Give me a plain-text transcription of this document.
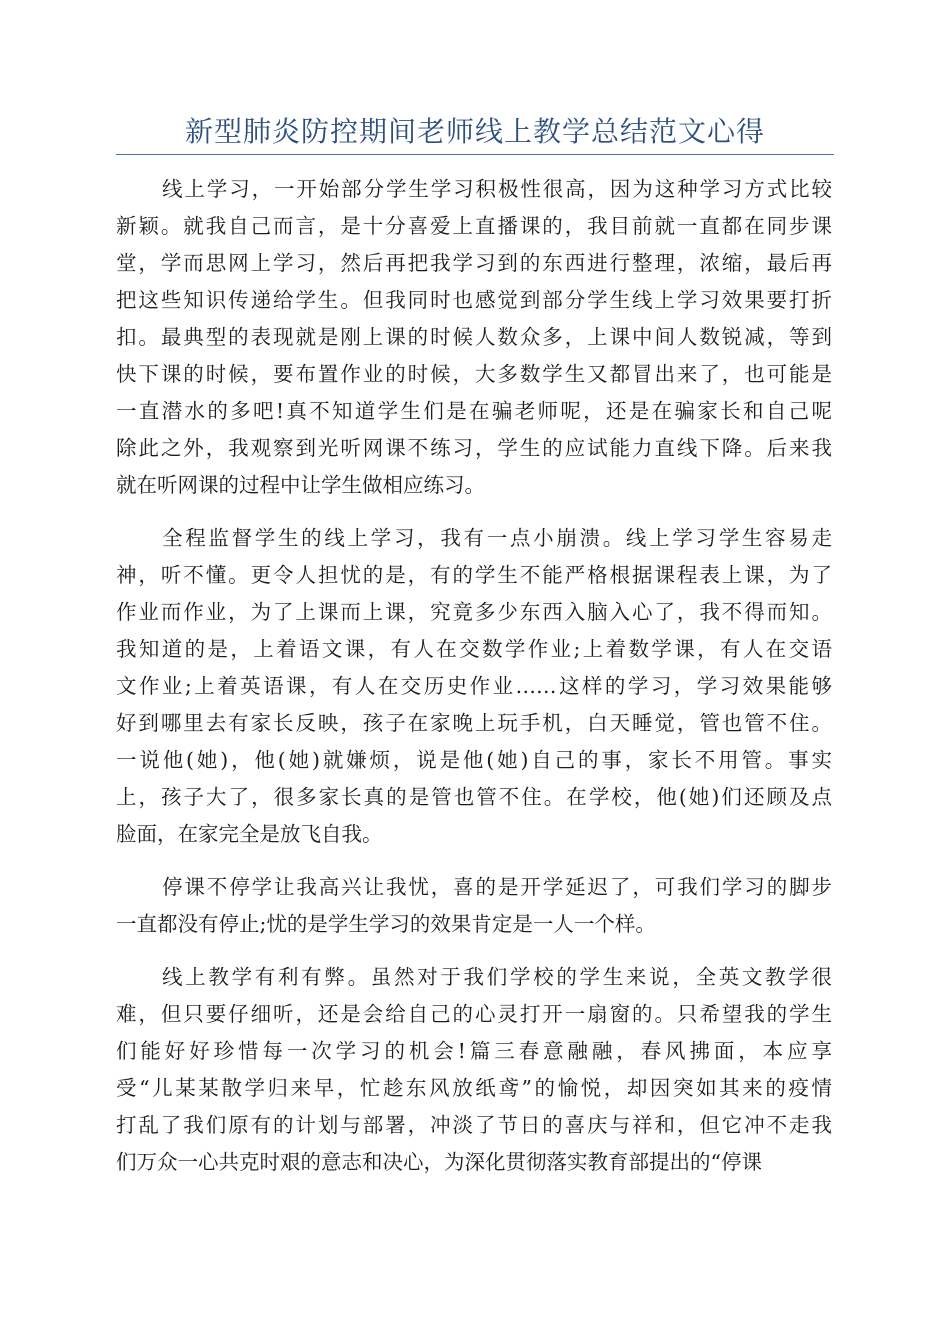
新型肺炎防控期间老师线上教学总结范文心得
线上学习，一开始部分学生学习积极性很高，因为这种学习方式比较
新颖。就我自己而言，是十分喜爱上直播课的，我目前就一直都在同步课
堂，学而思网上学习，然后再把我学习到的东西进行整理，浓缩，最后再
把这些知识传递给学生。但我同时也感觉到部分学生线上学习效果要打折
扣。最典型的表现就是刚上课的时候人数众多，上课中间人数锐减，等到
快下课的时候，要布置作业的时候，大多数学生又都冒出来了，也可能是
一直潜水的多吧!真不知道学生们是在骗老师呢，还是在骗家长和自己呢
除此之外，我观察到光听网课不练习，学生的应试能力直线下降。后来我
就在听网课的过程中让学生做相应练习。
全程监督学生的线上学习，我有一点小崩溃。线上学习学生容易走
神，听不懂。更令人担忧的是，有的学生不能严格根据课程表上课，为了
作业而作业，为了上课而上课，究竟多少东西入脑入心了，我不得而知。
我知道的是，上着语文课，有人在交数学作业;上着数学课，有人在交语
文作业;上着英语课，有人在交历史作业……这样的学习，学习效果能够
好到哪里去有家长反映，孩子在家晚上玩手机，白天睡觉，管也管不住。
一说他(她)，他(她)就嫌烦，说是他(她)自己的事，家长不用管。事实
上，孩子大了，很多家长真的是管也管不住。在学校，他(她)们还顾及点
脸面，在家完全是放飞自我。
停课不停学让我高兴让我忧，喜的是开学延迟了，可我们学习的脚步
一直都没有停止;忧的是学生学习的效果肯定是一人一个样。
线上教学有利有弊。虽然对于我们学校的学生来说，全英文教学很
难，但只要仔细听，还是会给自己的心灵打开一扇窗的。只希望我的学生
们能好好珍惜每一次学习的机会!篇三春意融融，春风拂面，本应享
受“儿某某散学归来早，忙趁东风放纸鸢”的愉悦，却因突如其来的疫情
打乱了我们原有的计划与部署，冲淡了节日的喜庆与祥和，但它冲不走我
们万众一心共克时艰的意志和决心，为深化贯彻落实教育部提出的“停课
